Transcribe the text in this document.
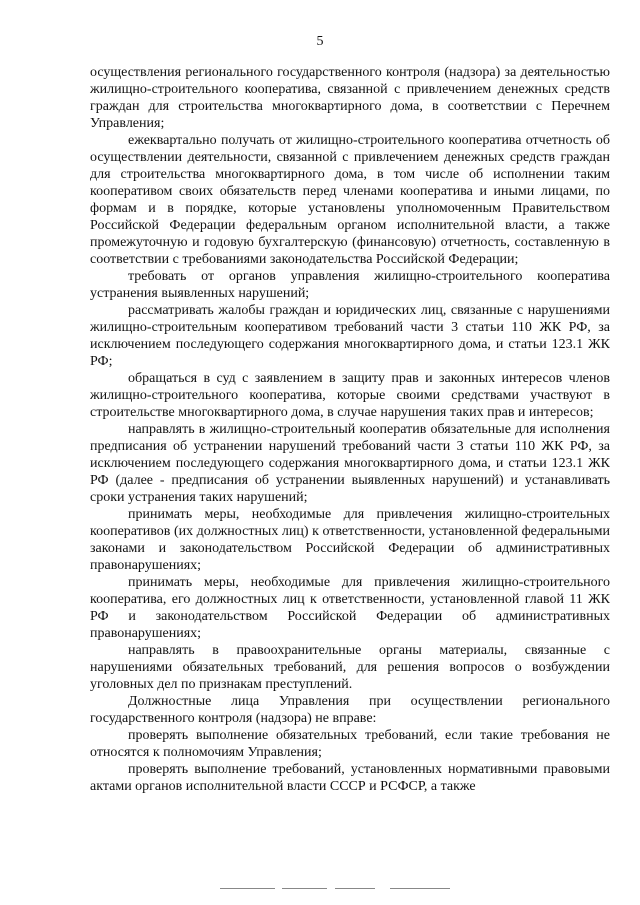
5

осуществления регионального государственного контроля (надзора) за деятельностью жилищно-строительного кооператива, связанной с привлечением денежных средств граждан для строительства многоквартирного дома, в соответствии с Перечнем Управления;

ежеквартально получать от жилищно-строительного кооператива отчетность об осуществлении деятельности, связанной с привлечением денежных средств граждан для строительства многоквартирного дома, в том числе об исполнении таким кооперативом своих обязательств перед членами кооператива и иными лицами, по формам и в порядке, которые установлены уполномоченным Правительством Российской Федерации федеральным органом исполнительной власти, а также промежуточную и годовую бухгалтерскую (финансовую) отчетность, составленную в соответствии с требованиями законодательства Российской Федерации;

требовать от органов управления жилищно-строительного кооператива устранения выявленных нарушений;

рассматривать жалобы граждан и юридических лиц, связанные с нарушениями жилищно-строительным кооперативом требований части 3 статьи 110 ЖК РФ, за исключением последующего содержания многоквартирного дома, и статьи 123.1 ЖК РФ;

обращаться в суд с заявлением в защиту прав и законных интересов членов жилищно-строительного кооператива, которые своими средствами участвуют в строительстве многоквартирного дома, в случае нарушения таких прав и интересов;

направлять в жилищно-строительный кооператив обязательные для исполнения предписания об устранении нарушений требований части 3 статьи 110 ЖК РФ, за исключением последующего содержания многоквартирного дома, и статьи 123.1 ЖК РФ (далее - предписания об устранении выявленных нарушений) и устанавливать сроки устранения таких нарушений;

принимать меры, необходимые для привлечения жилищно-строительных кооперативов (их должностных лиц) к ответственности, установленной федеральными законами и законодательством Российской Федерации об административных правонарушениях;

принимать меры, необходимые для привлечения жилищно-строительного кооператива, его должностных лиц к ответственности, установленной главой 11 ЖК РФ и законодательством Российской Федерации об административных правонарушениях;

направлять в правоохранительные органы материалы, связанные с нарушениями обязательных требований, для решения вопросов о возбуждении уголовных дел по признакам преступлений.

Должностные лица Управления при осуществлении регионального государственного контроля (надзора) не вправе:

проверять выполнение обязательных требований, если такие требования не относятся к полномочиям Управления;

проверять выполнение требований, установленных нормативными правовыми актами органов исполнительной власти СССР и РСФСР, а также
